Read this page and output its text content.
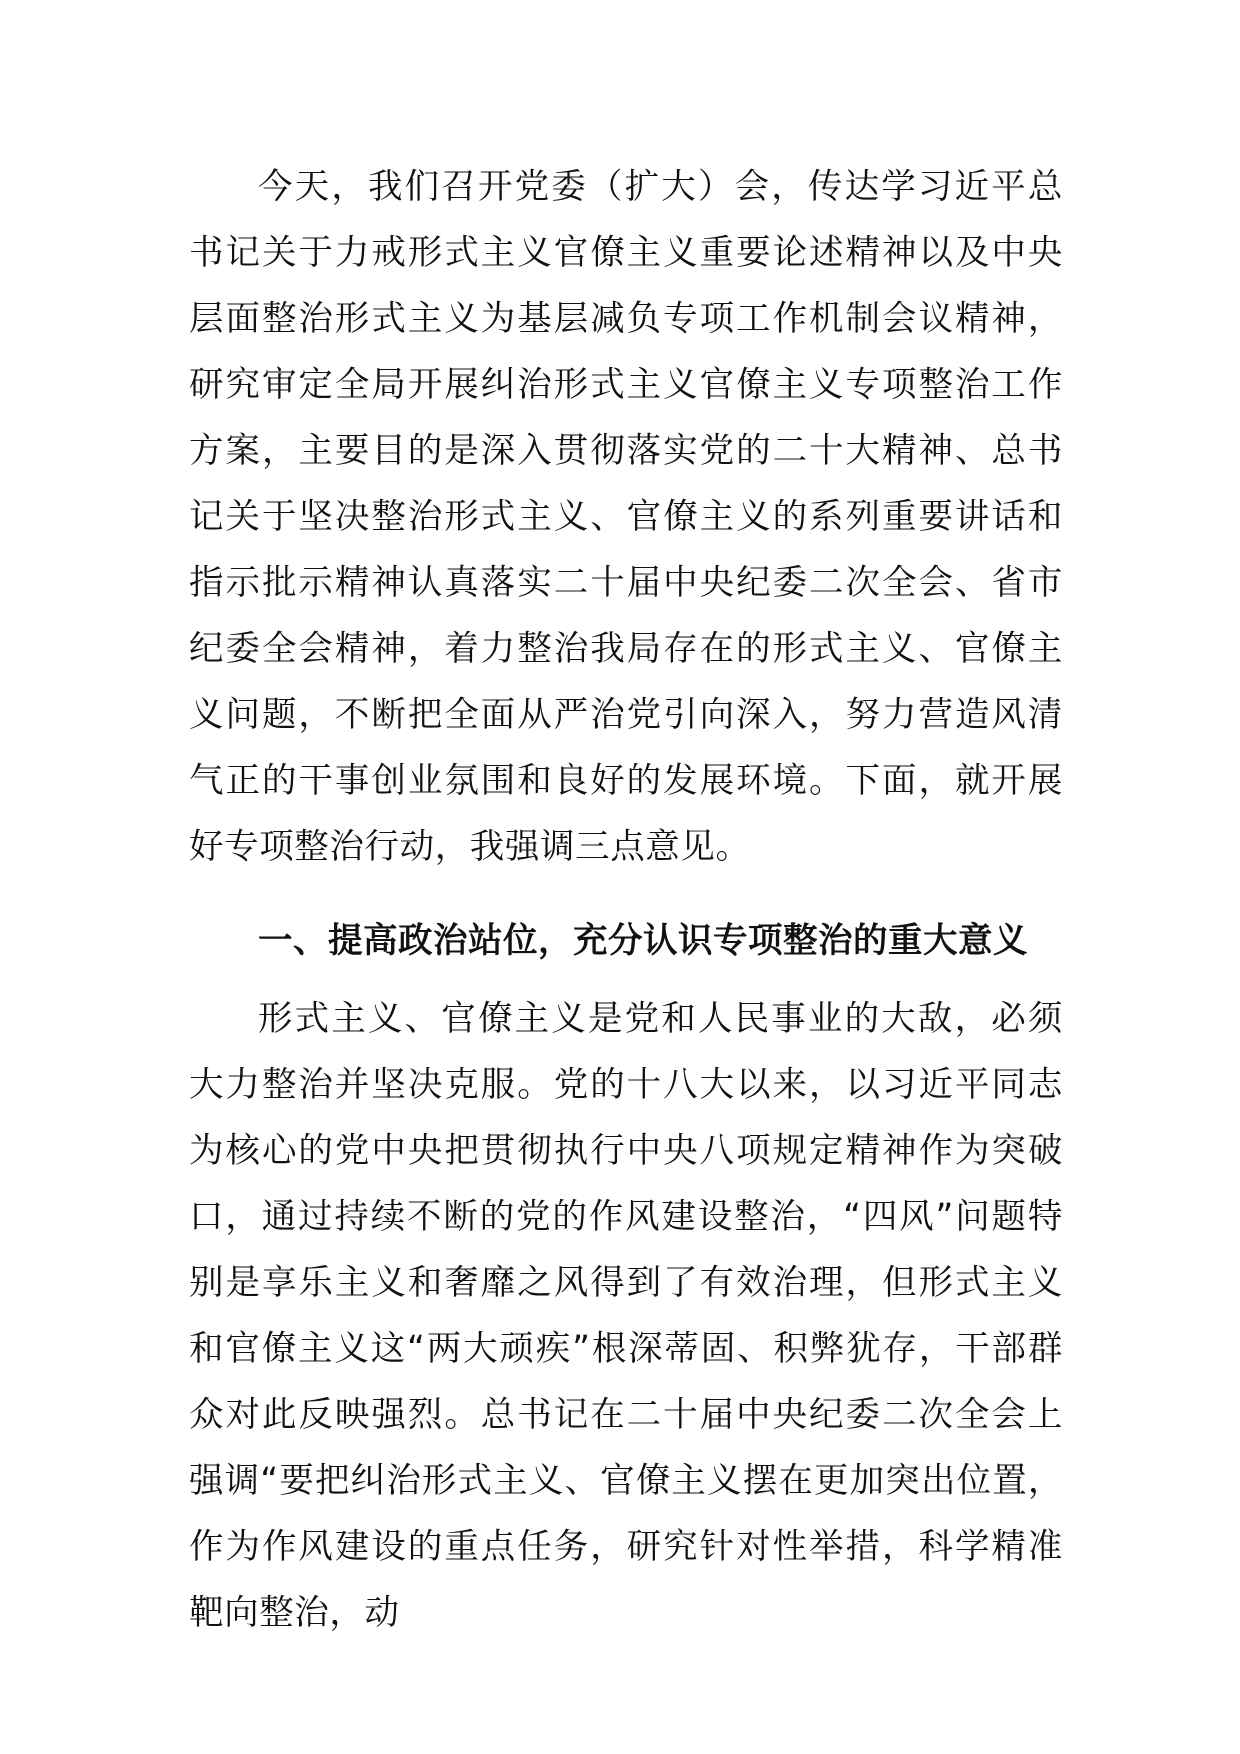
今天，我们召开党委（扩大）会，传达学习近平总书记关于力戒形式主义官僚主义重要论述精神以及中央层面整治形式主义为基层减负专项工作机制会议精神，研究审定全局开展纠治形式主义官僚主义专项整治工作方案，主要目的是深入贯彻落实党的二十大精神、总书记关于坚决整治形式主义、官僚主义的系列重要讲话和指示批示精神认真落实二十届中央纪委二次全会、省市纪委全会精神，着力整治我局存在的形式主义、官僚主义问题，不断把全面从严治党引向深入，努力营造风清气正的干事创业氛围和良好的发展环境。下面，就开展好专项整治行动，我强调三点意见。

一、提高政治站位，充分认识专项整治的重大意义

形式主义、官僚主义是党和人民事业的大敌，必须大力整治并坚决克服。党的十八大以来，以习近平同志为核心的党中央把贯彻执行中央八项规定精神作为突破口，通过持续不断的党的作风建设整治，“四风”问题特别是享乐主义和奢靡之风得到了有效治理，但形式主义和官僚主义这“两大顽疾”根深蒂固、积弊犹存，干部群众对此反映强烈。总书记在二十届中央纪委二次全会上强调“要把纠治形式主义、官僚主义摆在更加突出位置，作为作风建设的重点任务，研究针对性举措，科学精准靶向整治，动
